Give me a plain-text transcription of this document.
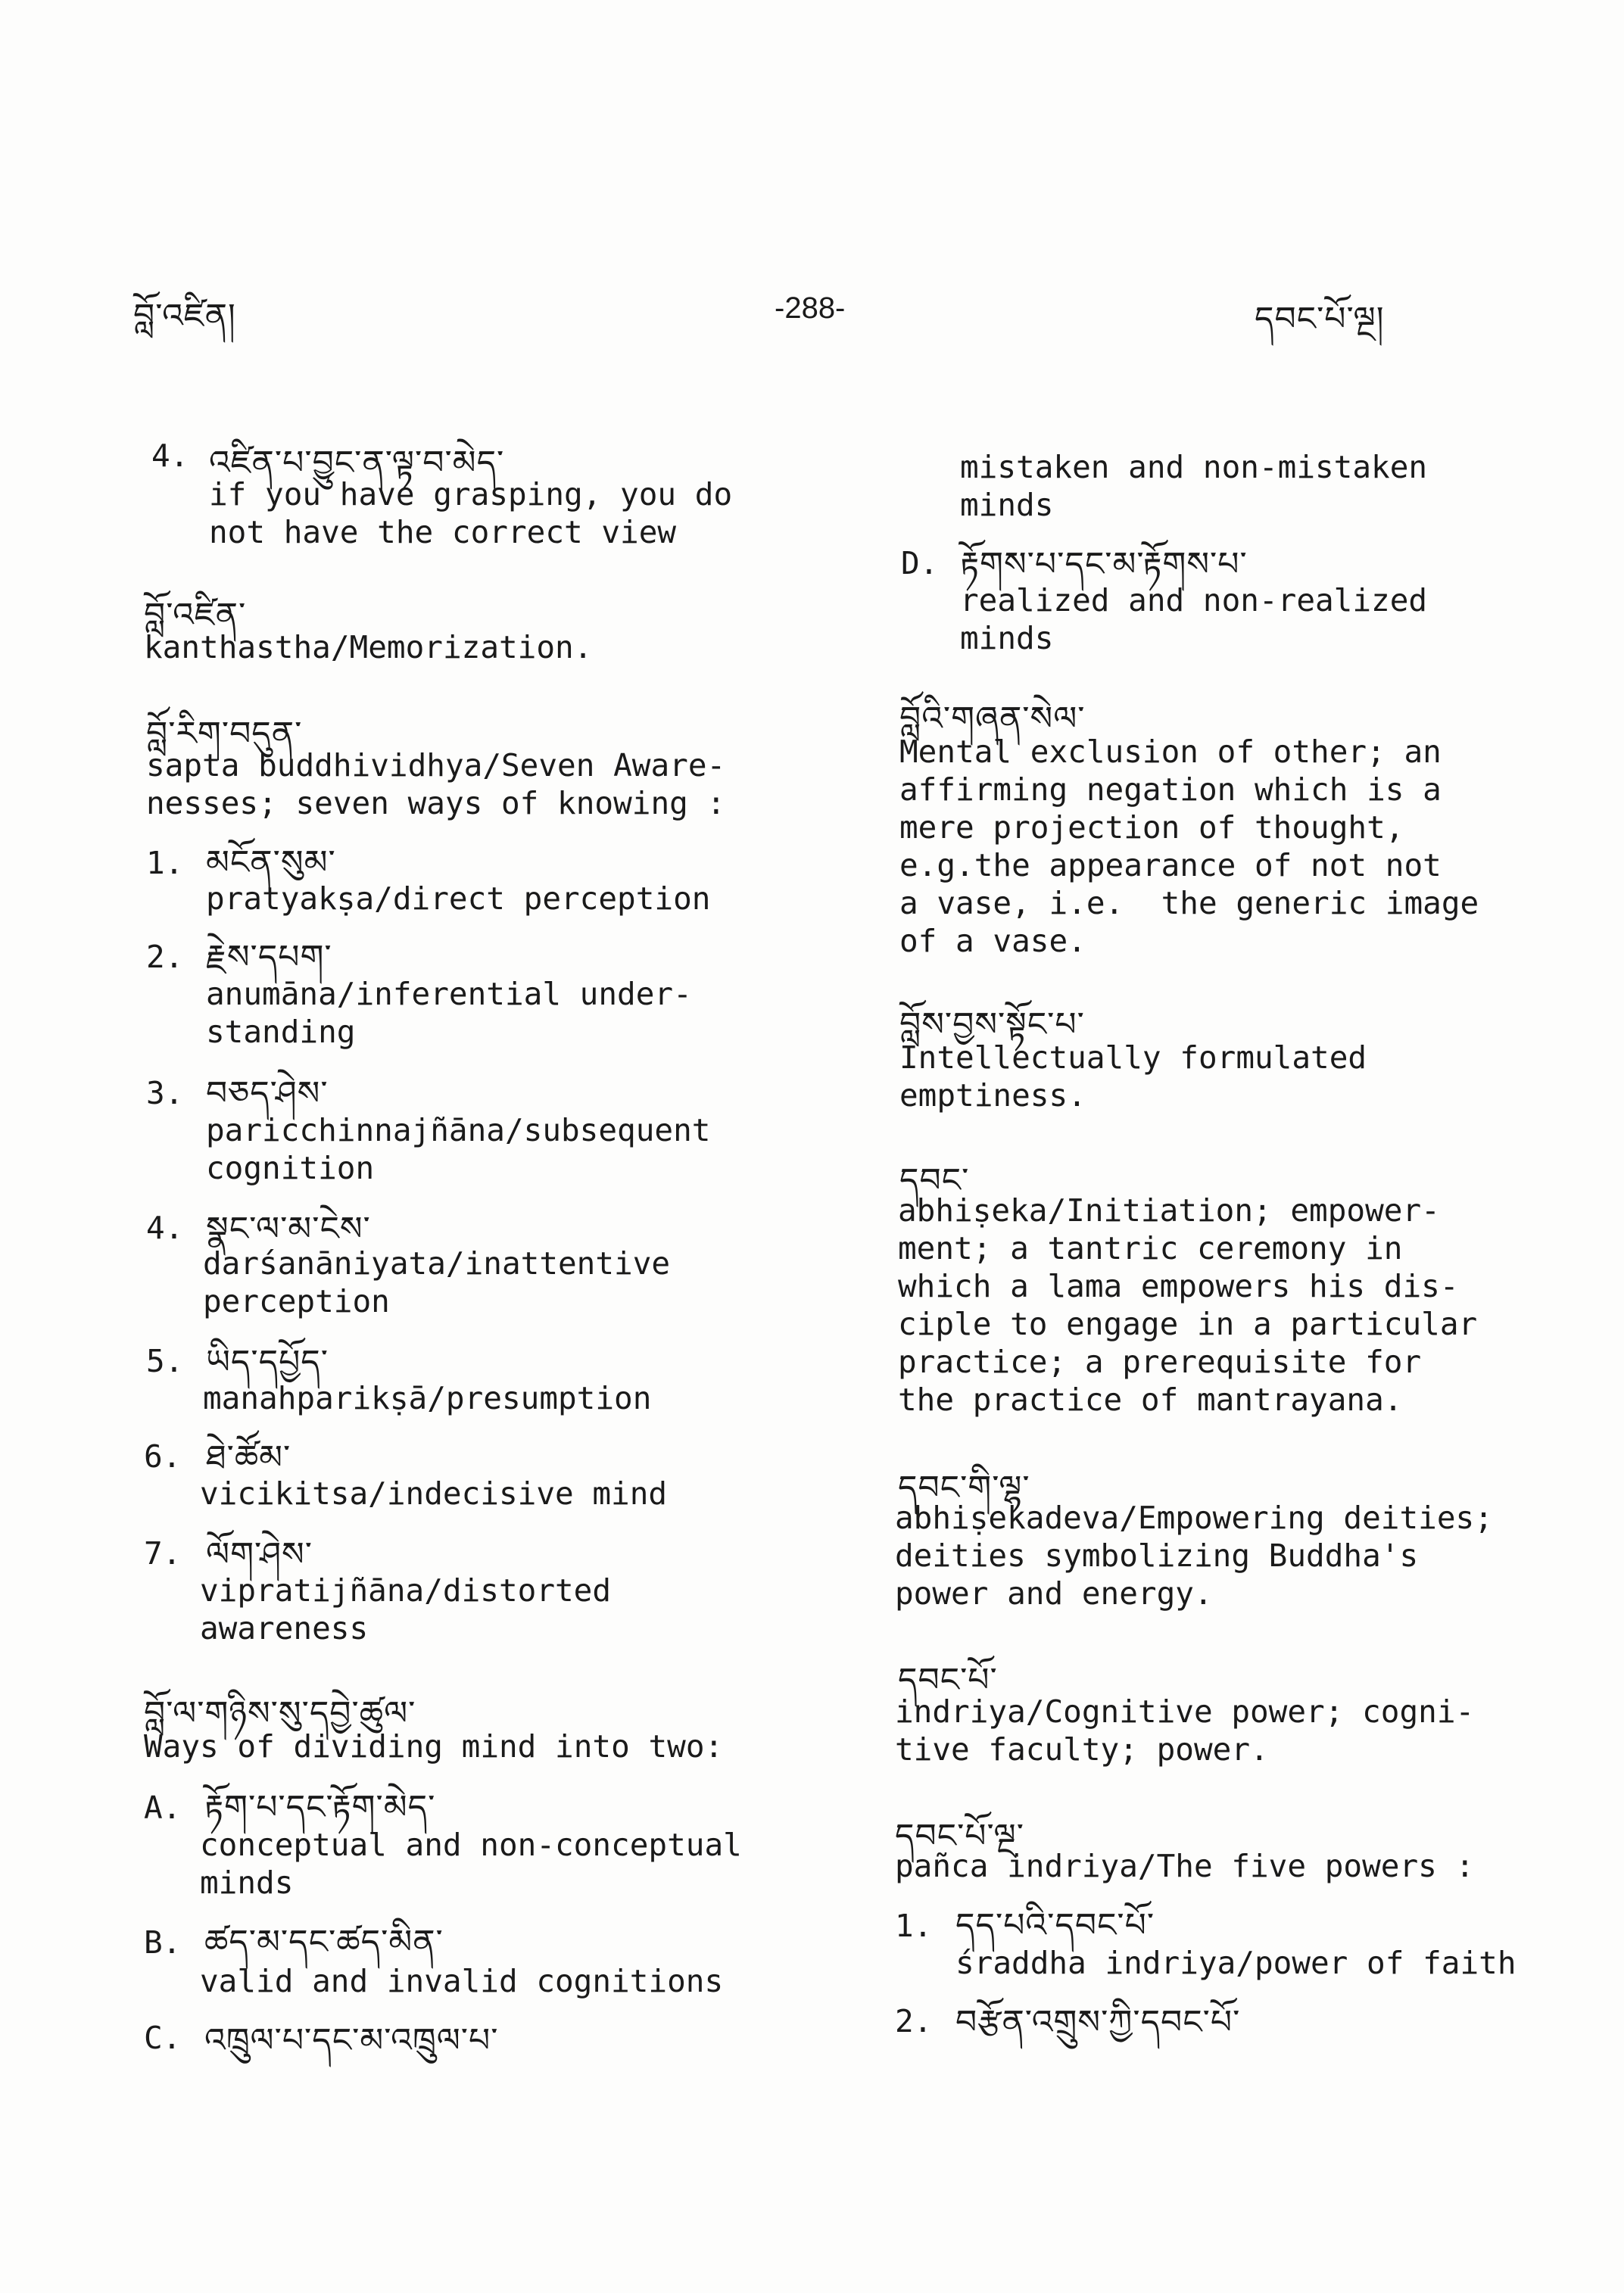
བློ་འཛིན།	-288-	དབང་པོ་ལྔ།
4. འཛིན་པ་བྱུང་ན་ལྟ་བ་མེད་
if you have grasping, you do
not have the correct view
བློ་འཛིན་
kanthastha/Memorization.
བློ་རིག་བདུན་
sapta buddhividhya/Seven Aware-
nesses; seven ways of knowing :
1. མངོན་སུམ་
pratyakṣa/direct perception
2. རྗེས་དཔག་
anumāna/inferential under-
standing
3. བཅད་ཤེས་
paricchinnajñāna/subsequent
cognition
4. སྣང་ལ་མ་ངེས་
darśanāniyata/inattentive
perception
5. ཡིད་དཔྱོད་
manahparikṣā/presumption
6. ཐེ་ཚོམ་
vicikitsa/indecisive mind
7. ལོག་ཤེས་
vipratijñāna/distorted
awareness
བློ་ལ་གཉིས་སུ་དབྱེ་ཚུལ་
Ways of dividing mind into two:
A. རྟོག་པ་དང་རྟོག་མེད་
conceptual and non-conceptual
minds
B. ཚད་མ་དང་ཚད་མིན་
valid and invalid cognitions
C. འཁྲུལ་པ་དང་མ་འཁྲུལ་པ་
mistaken and non-mistaken
minds
D. རྟོགས་པ་དང་མ་རྟོགས་པ་
realized and non-realized
minds
བློའི་གཞན་སེལ་
Mental exclusion of other; an
affirming negation which is a
mere projection of thought,
e.g.the appearance of not not
a vase, i.e.  the generic image
of a vase.
བློས་བྱས་སྟོང་པ་
Intellectually formulated
emptiness.
དབང་
abhiṣeka/Initiation; empower-
ment; a tantric ceremony in
which a lama empowers his dis-
ciple to engage in a particular
practice; a prerequisite for
the practice of mantrayana.
དབང་གི་ལྷ་
abhiṣekadeva/Empowering deities;
deities symbolizing Buddha's
power and energy.
དབང་པོ་
indriya/Cognitive power; cogni-
tive faculty; power.
དབང་པོ་ལྔ་
pañca indriya/The five powers :
1. དད་པའི་དབང་པོ་
śraddha indriya/power of faith
2. བརྩོན་འགྲུས་ཀྱི་དབང་པོ་
